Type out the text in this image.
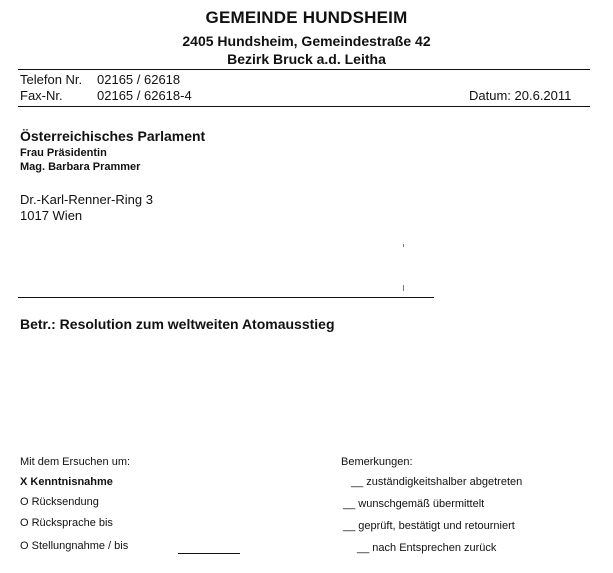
GEMEINDE HUNDSHEIM
2405 Hundsheim, Gemeindestraße 42
Bezirk Bruck a.d. Leitha
Telefon Nr. 02165 / 62618
Fax-Nr.	02165 / 62618-4	Datum: 20.6.2011
Österreichisches Parlament
Frau Präsidentin
Mag. Barbara Prammer
Dr.-Karl-Renner-Ring 3
1017 Wien
Betr.: Resolution zum weltweiten Atomausstieg
Mit dem Ersuchen um:
X Kenntnisnahme
O Rücksendung
O Rücksprache bis
O Stellungnahme / bis
Bemerkungen:
__ zuständigkeitshalber abgetreten
__ wunschgemäß übermittelt
__ geprüft, bestätigt und retourniert
__ nach Entsprechen zurück
